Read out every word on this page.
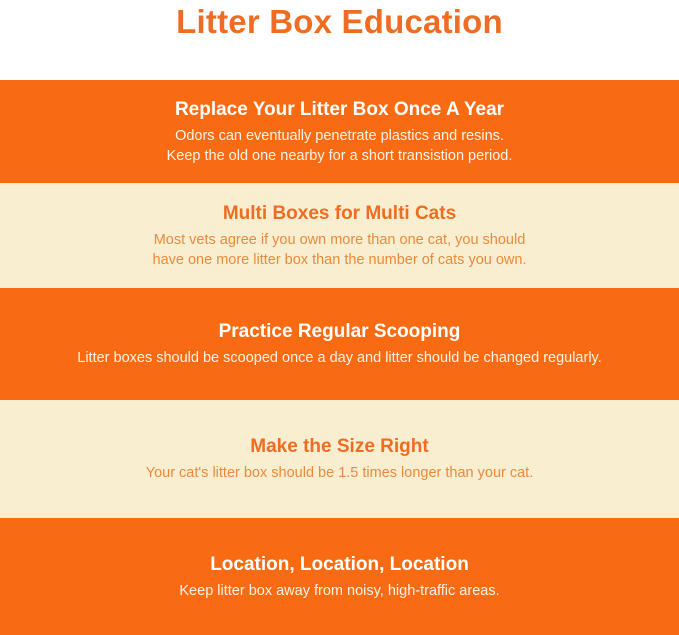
Litter Box Education
Replace Your Litter Box Once A Year
Odors can eventually penetrate plastics and resins.
Keep the old one nearby for a short transistion period.
Multi Boxes for Multi Cats
Most vets agree if you own more than one cat, you should
have one more litter box than the number of cats you own.
Practice Regular Scooping
Litter boxes should be scooped once a day and litter should be changed regularly.
Make the Size Right
Your cat's litter box should be 1.5 times longer than your cat.
Location, Location, Location
Keep litter box away from noisy, high-traffic areas.
